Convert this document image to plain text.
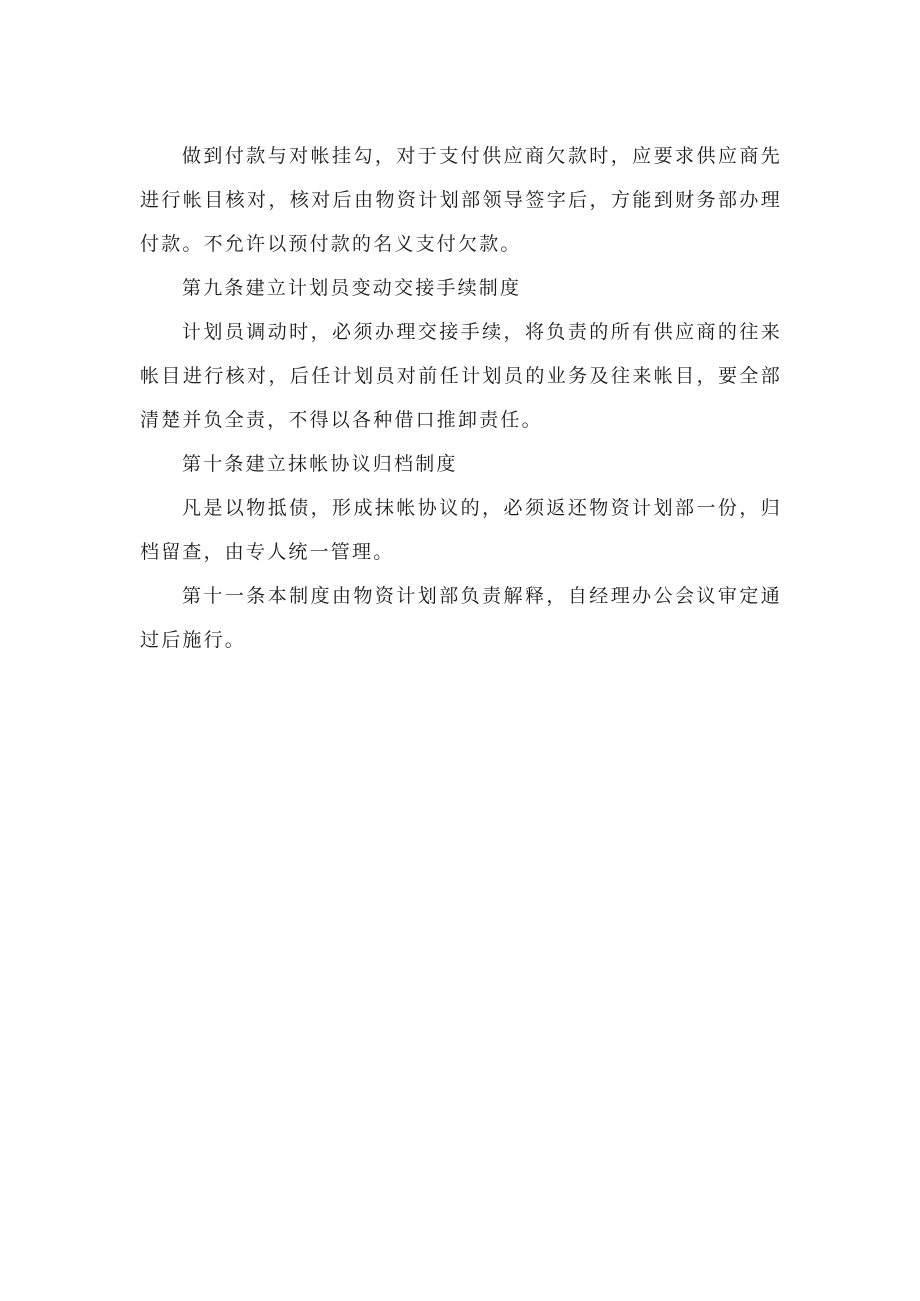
做到付款与对帐挂勾，对于支付供应商欠款时，应要求供应商先进行帐目核对，核对后由物资计划部领导签字后，方能到财务部办理付款。不允许以预付款的名义支付欠款。

第九条建立计划员变动交接手续制度

计划员调动时，必须办理交接手续，将负责的所有供应商的往来帐目进行核对，后任计划员对前任计划员的业务及往来帐目，要全部清楚并负全责，不得以各种借口推卸责任。

第十条建立抹帐协议归档制度

凡是以物抵债，形成抹帐协议的，必须返还物资计划部一份，归档留查，由专人统一管理。

第十一条本制度由物资计划部负责解释，自经理办公会议审定通过后施行。
